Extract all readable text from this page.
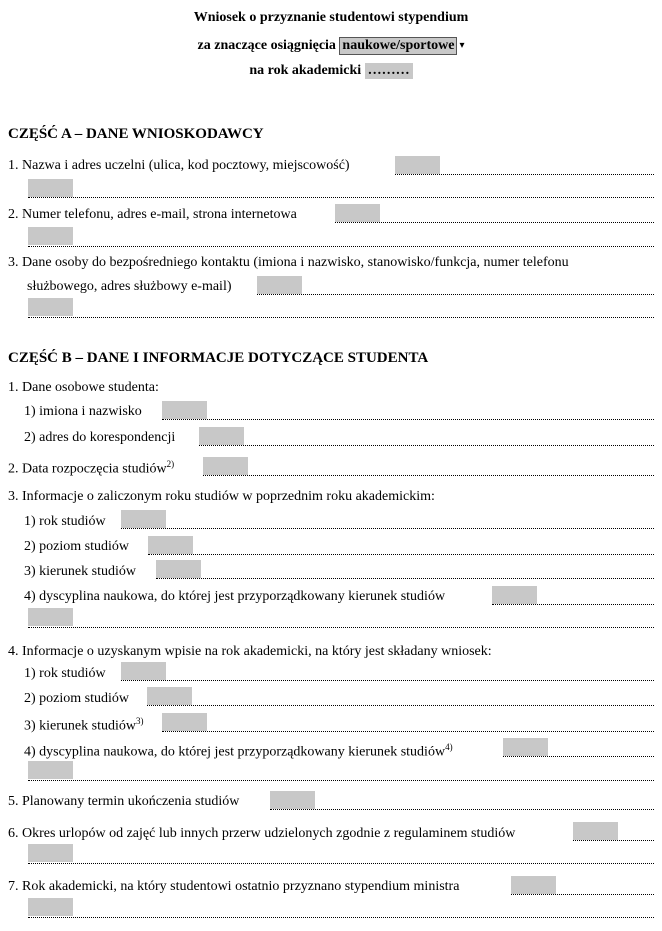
Wniosek o przyznanie studentowi stypendium
za znaczące osiągnięcia naukowe/sportowe ▾
na rok akademicki ………
CZĘŚĆ A – DANE WNIOSKODAWCY
1. Nazwa i adres uczelni (ulica, kod pocztowy, miejscowość)
2. Numer telefonu, adres e-mail, strona internetowa
3. Dane osoby do bezpośredniego kontaktu (imiona i nazwisko, stanowisko/funkcja, numer telefonu
służbowego, adres służbowy e-mail)
CZĘŚĆ B – DANE I INFORMACJE DOTYCZĄCE STUDENTA
1. Dane osobowe studenta:
1) imiona i nazwisko
2) adres do korespondencji
2. Data rozpoczęcia studiów$^{2)}$
3. Informacje o zaliczonym roku studiów w poprzednim roku akademickim:
1) rok studiów
2) poziom studiów
3) kierunek studiów
4) dyscyplina naukowa, do której jest przyporządkowany kierunek studiów
4. Informacje o uzyskanym wpisie na rok akademicki, na który jest składany wniosek:
1) rok studiów
2) poziom studiów
3) kierunek studiów$^{3)}$
4) dyscyplina naukowa, do której jest przyporządkowany kierunek studiów$^{4)}$
5. Planowany termin ukończenia studiów
6. Okres urlopów od zajęć lub innych przerw udzielonych zgodnie z regulaminem studiów
7. Rok akademicki, na który studentowi ostatnio przyznano stypendium ministra
